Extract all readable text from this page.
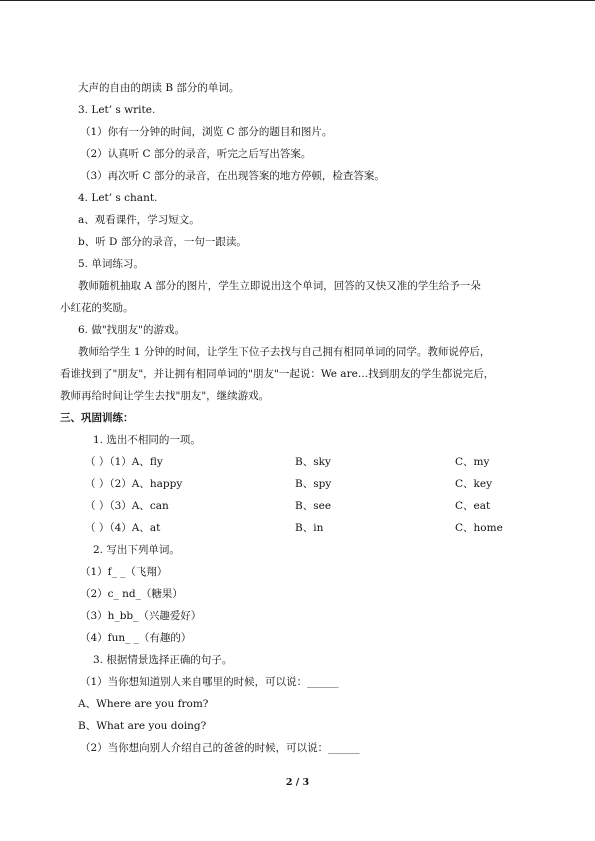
大声的自由的朗读 B 部分的单词。
3. Let’ s write.
（1）你有一分钟的时间，浏览 C 部分的题目和图片。
（2）认真听 C 部分的录音，听完之后写出答案。
（3）再次听 C 部分的录音，在出现答案的地方停顿，检查答案。
4. Let’ s chant.
a、观看课件，学习短文。
b、听 D 部分的录音，一句一跟读。
5. 单词练习。
教师随机抽取 A 部分的图片，学生立即说出这个单词，回答的又快又准的学生给予一朵
小红花的奖励。
6. 做"找朋友"的游戏。
教师给学生 1 分钟的时间，让学生下位子去找与自己拥有相同单词的同学。教师说停后，
看谁找到了"朋友"，并让拥有相同单词的"朋友"一起说：We are…找到朋友的学生都说完后，
教师再给时间让学生去找"朋友"，继续游戏。
三、巩固训练：
1. 选出不相同的一项。
（ ）（1）A、fly	B、sky	C、my
（ ）（2）A、happy	B、spy	C、key
（ ）（3）A、can	B、see	C、eat
（ ）（4）A、at	B、in	C、home
2. 写出下列单词。
（1）f_ _（飞翔）
（2）c_ nd_（糖果）
（3）h_bb_（兴趣爱好）
（4）fun_ _（有趣的）
3. 根据情景选择正确的句子。
（1）当你想知道别人来自哪里的时候，可以说：______
A、Where are you from?
B、What are you doing?
（2）当你想向别人介绍自己的爸爸的时候，可以说：______
2 / 3
